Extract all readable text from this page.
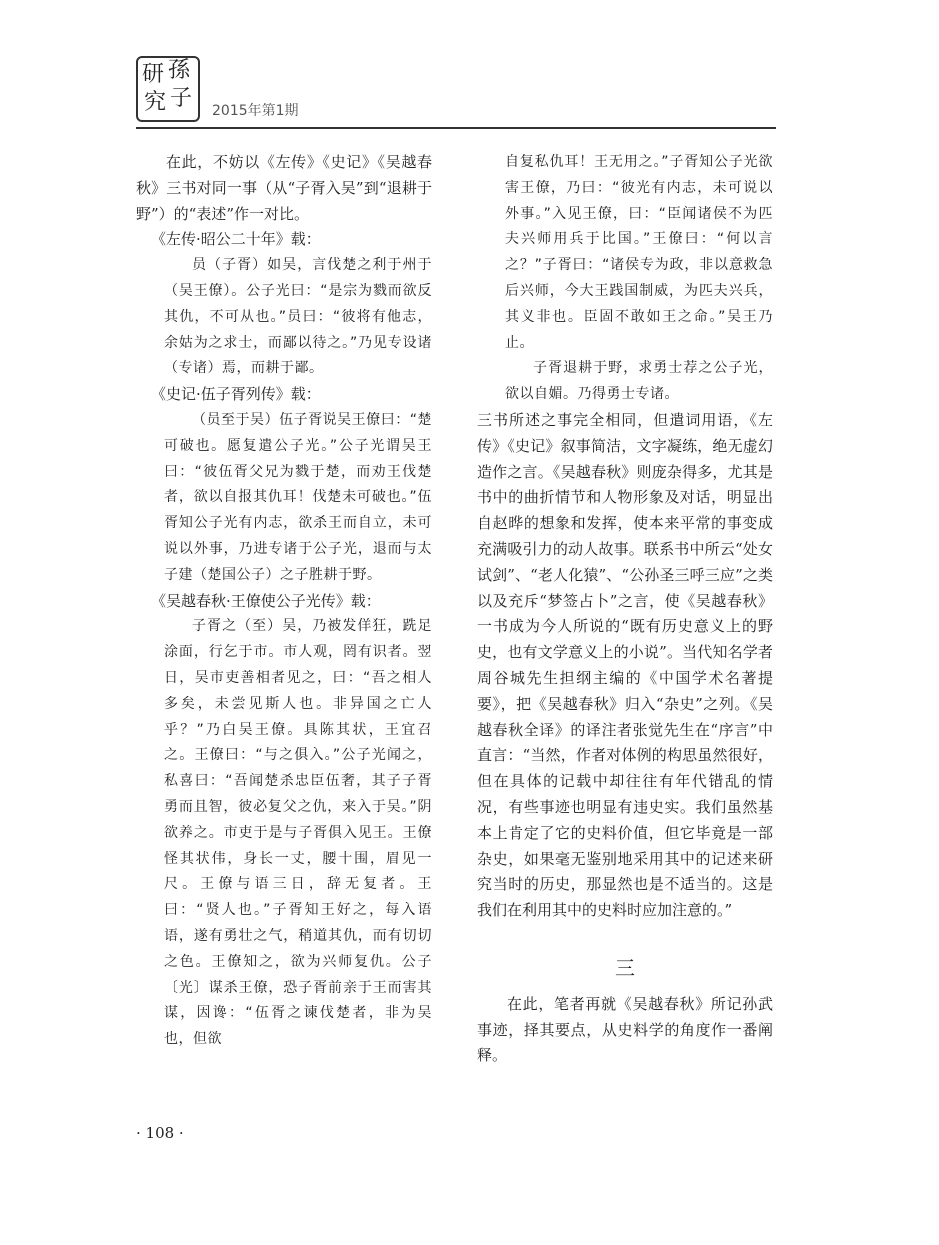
研 孫
究 子 2015年第1期

在此，不妨以《左传》《史记》《吴越春秋》三书对同一事（从“子胥入吴”到“退耕于野”）的“表述”作一对比。

《左传·昭公二十年》载：

员（子胥）如吴，言伐楚之利于州于（吴王僚）。公子光曰：“是宗为戮而欲反其仇，不可从也。”员曰：“彼将有他志，余姑为之求士，而鄙以待之。”乃见专设诸（专诸）焉，而耕于鄙。

《史记·伍子胥列传》载：

（员至于吴）伍子胥说吴王僚曰：“楚可破也。愿复遣公子光。”公子光谓吴王曰：“彼伍胥父兄为戮于楚，而劝王伐楚者，欲以自报其仇耳！伐楚未可破也。”伍胥知公子光有内志，欲杀王而自立，未可说以外事，乃进专诸于公子光，退而与太子建（楚国公子）之子胜耕于野。

《吴越春秋·王僚使公子光传》载：

子胥之（至）吴，乃被发佯狂，跣足涂面，行乞于市。市人观，罔有识者。翌日，吴市吏善相者见之，曰：“吾之相人多矣，未尝见斯人也。非异国之亡人乎？”乃白吴王僚。具陈其状，王宜召之。王僚曰：“与之俱入。”公子光闻之，私喜曰：“吾闻楚杀忠臣伍奢，其子子胥勇而且智，彼必复父之仇，来入于吴。”阴欲养之。市吏于是与子胥俱入见王。王僚怪其状伟，身长一丈，腰十围，眉见一尺。王僚与语三日，辞无复者。王曰：“贤人也。”子胥知王好之，每入语语，遂有勇壮之气，稍道其仇，而有切切之色。王僚知之，欲为兴师复仇。公子〔光〕谋杀王僚，恐子胥前亲于王而害其谋，因谗：“伍胥之谏伐楚者，非为吴也，但欲

自复私仇耳！王无用之。”子胥知公子光欲害王僚，乃曰：“彼光有内志，未可说以外事。”入见王僚，曰：“臣闻诸侯不为匹夫兴师用兵于比国。”王僚曰：“何以言之？”子胥曰：“诸侯专为政，非以意救急后兴师，今大王践国制威，为匹夫兴兵，其义非也。臣固不敢如王之命。”吴王乃止。

子胥退耕于野，求勇士荐之公子光，欲以自媚。乃得勇士专诸。

三书所述之事完全相同，但遣词用语，《左传》《史记》叙事简洁，文字凝练，绝无虚幻造作之言。《吴越春秋》则庞杂得多，尤其是书中的曲折情节和人物形象及对话，明显出自赵晔的想象和发挥，使本来平常的事变成充满吸引力的动人故事。联系书中所云“处女试剑”、“老人化猿”、“公孙圣三呼三应”之类以及充斥“梦签占卜”之言，使《吴越春秋》一书成为今人所说的“既有历史意义上的野史，也有文学意义上的小说”。当代知名学者周谷城先生担纲主编的《中国学术名著提要》，把《吴越春秋》归入“杂史”之列。《吴越春秋全译》的译注者张觉先生在“序言”中直言：“当然，作者对体例的构思虽然很好，但在具体的记载中却往往有年代错乱的情况，有些事迹也明显有违史实。我们虽然基本上肯定了它的史料价值，但它毕竟是一部杂史，如果毫无鉴别地采用其中的记述来研究当时的历史，那显然也是不适当的。这是我们在利用其中的史料时应加注意的。”

三

在此，笔者再就《吴越春秋》所记孙武事迹，择其要点，从史料学的角度作一番阐释。

· 108 ·
